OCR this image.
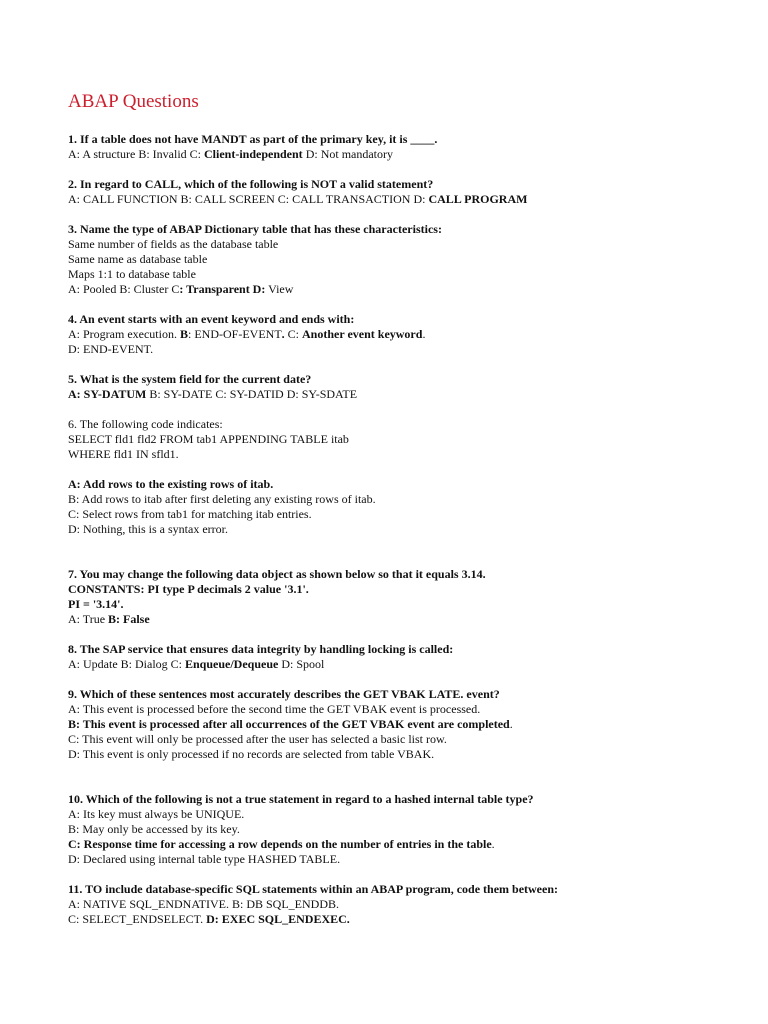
ABAP Questions
1. If a table does not have MANDT as part of the primary key, it is ____.
A: A structure B: Invalid C: Client-independent D: Not mandatory
2. In regard to CALL, which of the following is NOT a valid statement?
A: CALL FUNCTION B: CALL SCREEN C: CALL TRANSACTION D: CALL PROGRAM
3. Name the type of ABAP Dictionary table that has these characteristics:
Same number of fields as the database table
Same name as database table
Maps 1:1 to database table
A: Pooled B: Cluster C: Transparent D: View
4. An event starts with an event keyword and ends with:
A: Program execution. B: END-OF-EVENT. C: Another event keyword.
D: END-EVENT.
5. What is the system field for the current date?
A: SY-DATUM B: SY-DATE C: SY-DATID D: SY-SDATE
6. The following code indicates:
SELECT fld1 fld2 FROM tab1 APPENDING TABLE itab
WHERE fld1 IN sfld1.
A: Add rows to the existing rows of itab.
B: Add rows to itab after first deleting any existing rows of itab.
C: Select rows from tab1 for matching itab entries.
D: Nothing, this is a syntax error.
7. You may change the following data object as shown below so that it equals 3.14.
CONSTANTS: PI type P decimals 2 value '3.1'.
PI = '3.14'.
A: True B: False
8. The SAP service that ensures data integrity by handling locking is called:
A: Update B: Dialog C: Enqueue/Dequeue D: Spool
9. Which of these sentences most accurately describes the GET VBAK LATE. event?
A: This event is processed before the second time the GET VBAK event is processed.
B: This event is processed after all occurrences of the GET VBAK event are completed.
C: This event will only be processed after the user has selected a basic list row.
D: This event is only processed if no records are selected from table VBAK.
10. Which of the following is not a true statement in regard to a hashed internal table type?
A: Its key must always be UNIQUE.
B: May only be accessed by its key.
C: Response time for accessing a row depends on the number of entries in the table.
D: Declared using internal table type HASHED TABLE.
11. TO include database-specific SQL statements within an ABAP program, code them between:
A: NATIVE SQL_ENDNATIVE. B: DB SQL_ENDDB.
C: SELECT_ENDSELECT. D: EXEC SQL_ENDEXEC.
